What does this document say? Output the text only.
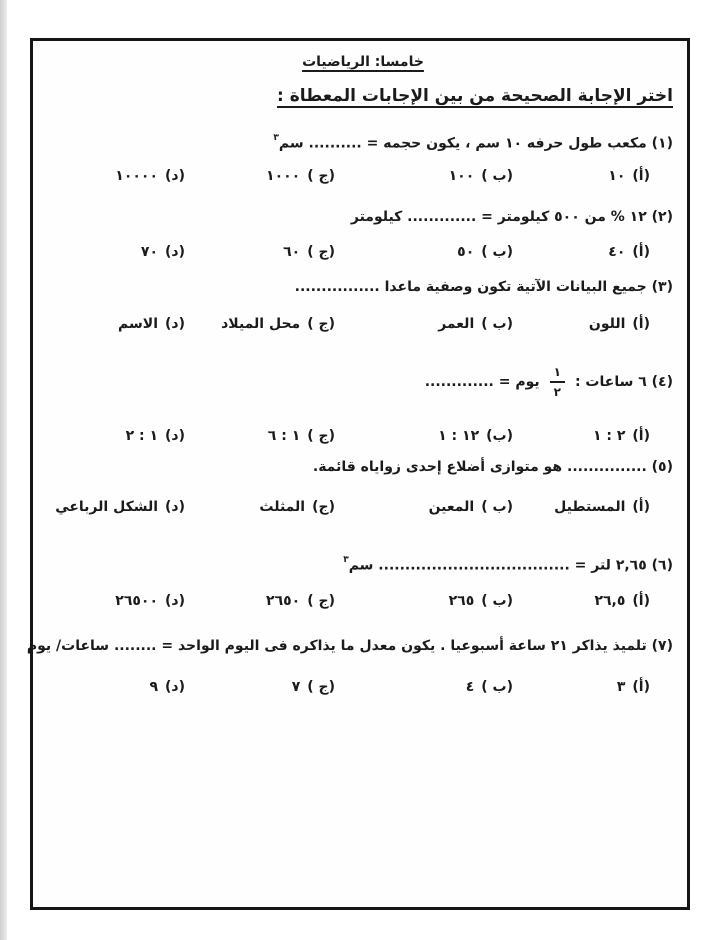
خامسا: الرياضيات
اختر الإجابة الصحيحة من بين الإجابات المعطاة :

(١) مكعب طول حرفه ١٠ سم ، يكون حجمه = .......... سم$^٣$

(أ)١٠
(ب )١٠٠
(ج )١٠٠٠
(د)١٠٠٠٠

(٢) ١٢ % من ٥٠٠ كيلومتر = ............. كيلومتر

(أ)٤٠
(ب )٥٠
(ج )٦٠
(د)٧٠

(٣) جميع البيانات الآتية تكون وصفية ماعدا ................

(أ)اللون
(ب )العمر
(ج )محل الميلاد
(د)الاسم
(٤) ٦ ساعات :
$\frac{١}{٢}$
يوم = .............
(أ)٢ : ١
(ب)١٢ : ١
(ج )١ : ٦
(د)١ : ٢

(٥) ............... هو متوازى أضلاع إحدى زواياه قائمة.

(أ)المستطيل
(ب )المعين
(ج)المثلث
(د)الشكل الرباعي

(٦) ٢,٦٥ لتر = .................................... سم$^٣$

(أ)٢٦,٥
(ب )٢٦٥
(ج )٢٦٥٠
(د)٢٦٥٠٠

(٧) تلميذ يذاكر ٢١ ساعة أسبوعيا . يكون معدل ما يذاكره فى اليوم الواحد = ........ ساعات/ يوم

(أ)٣
(ب )٤
(ج )٧
(د)٩
